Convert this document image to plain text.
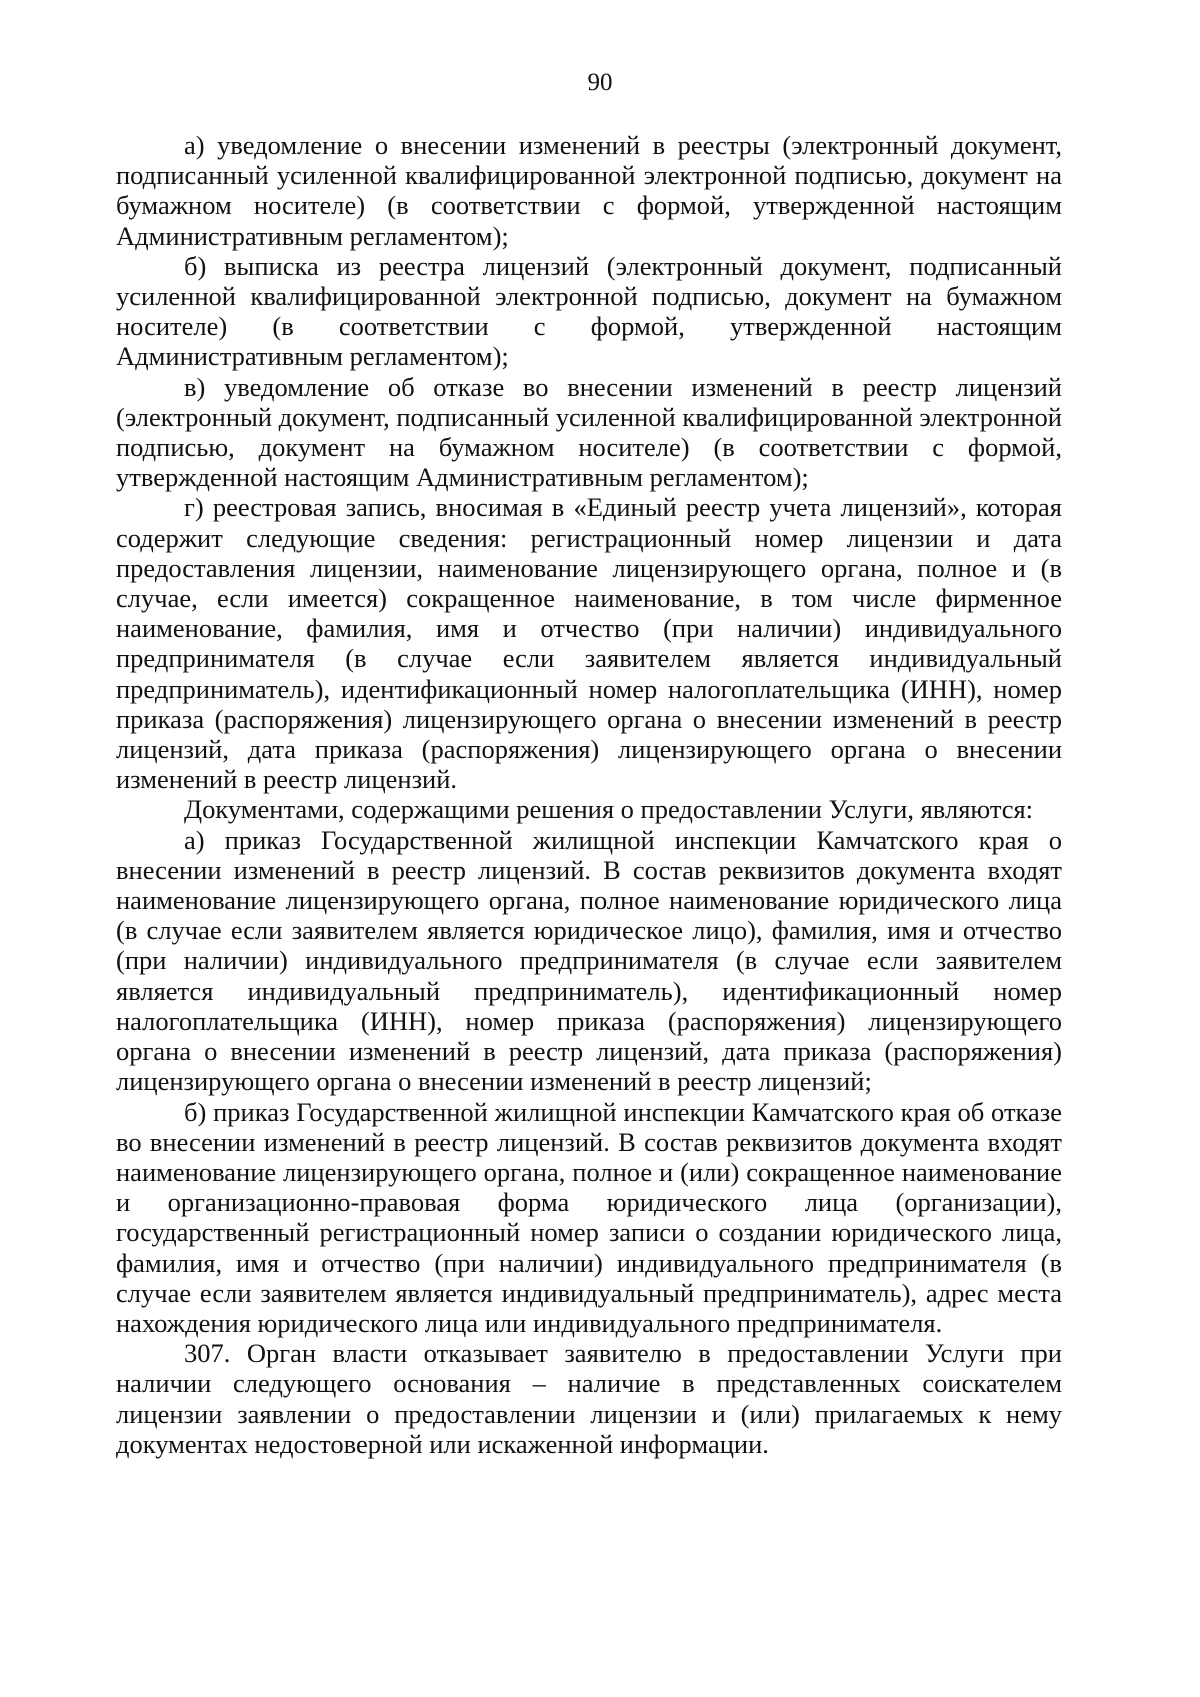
90

а) уведомление о внесении изменений в реестры (электронный документ, подписанный усиленной квалифицированной электронной подписью, документ на бумажном носителе) (в соответствии с формой, утвержденной настоящим Административным регламентом);

б) выписка из реестра лицензий (электронный документ, подписанный усиленной квалифицированной электронной подписью, документ на бумажном носителе) (в соответствии с формой, утвержденной настоящим Административным регламентом);

в) уведомление об отказе во внесении изменений в реестр лицензий (электронный документ, подписанный усиленной квалифицированной электронной подписью, документ на бумажном носителе) (в соответствии с формой, утвержденной настоящим Административным регламентом);

г) реестровая запись, вносимая в «Единый реестр учета лицензий», которая содержит следующие сведения: регистрационный номер лицензии и дата предоставления лицензии, наименование лицензирующего органа, полное и (в случае, если имеется) сокращенное наименование, в том числе фирменное наименование, фамилия, имя и отчество (при наличии) индивидуального предпринимателя (в случае если заявителем является индивидуальный предприниматель), идентификационный номер налогоплательщика (ИНН), номер приказа (распоряжения) лицензирующего органа о внесении изменений в реестр лицензий, дата приказа (распоряжения) лицензирующего органа о внесении изменений в реестр лицензий.

Документами, содержащими решения о предоставлении Услуги, являются:

а) приказ Государственной жилищной инспекции Камчатского края о внесении изменений в реестр лицензий. В состав реквизитов документа входят наименование лицензирующего органа, полное наименование юридического лица (в случае если заявителем является юридическое лицо), фамилия, имя и отчество (при наличии) индивидуального предпринимателя (в случае если заявителем является индивидуальный предприниматель), идентификационный номер налогоплательщика (ИНН), номер приказа (распоряжения) лицензирующего органа о внесении изменений в реестр лицензий, дата приказа (распоряжения) лицензирующего органа о внесении изменений в реестр лицензий;

б) приказ Государственной жилищной инспекции Камчатского края об отказе во внесении изменений в реестр лицензий. В состав реквизитов документа входят наименование лицензирующего органа, полное и (или) сокращенное наименование и организационно-правовая форма юридического лица (организации), государственный регистрационный номер записи о создании юридического лица, фамилия, имя и отчество (при наличии) индивидуального предпринимателя (в случае если заявителем является индивидуальный предприниматель), адрес места нахождения юридического лица или индивидуального предпринимателя.

307. Орган власти отказывает заявителю в предоставлении Услуги при наличии следующего основания – наличие в представленных соискателем лицензии заявлении о предоставлении лицензии и (или) прилагаемых к нему документах недостоверной или искаженной информации.
